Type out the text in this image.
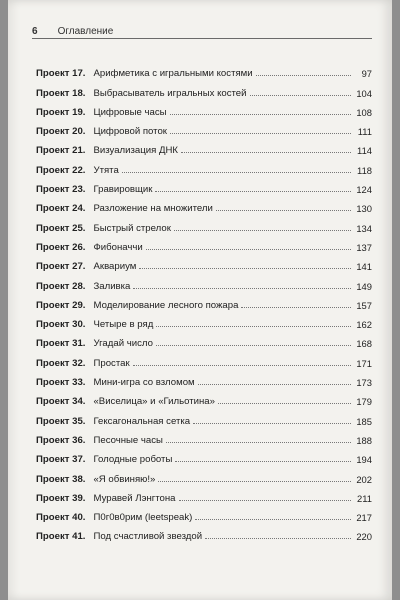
6 Оглавление
Проект 17. Арифметика с игральными костями	97
Проект 18. Выбрасыватель игральных костей	104
Проект 19. Цифровые часы	108
Проект 20. Цифровой поток	111
Проект 21. Визуализация ДНК	114
Проект 22. Утята	118
Проект 23. Гравировщик	124
Проект 24. Разложение на множители	130
Проект 25. Быстрый стрелок	134
Проект 26. Фибоначчи	137
Проект 27. Аквариум	141
Проект 28. Заливка	149
Проект 29. Моделирование лесного пожара	157
Проект 30. Четыре в ряд	162
Проект 31. Угадай число	168
Проект 32. Простак	171
Проект 33. Мини-игра со взломом	173
Проект 34. «Виселица» и «Гильотина»	179
Проект 35. Гексагональная сетка	185
Проект 36. Песочные часы	188
Проект 37. Голодные роботы	194
Проект 38. «Я обвиняю!»	202
Проект 39. Муравей Лэнгтона	211
Проект 40. П0г0в0рим (leetspeak)	217
Проект 41. Под счастливой звездой	220
